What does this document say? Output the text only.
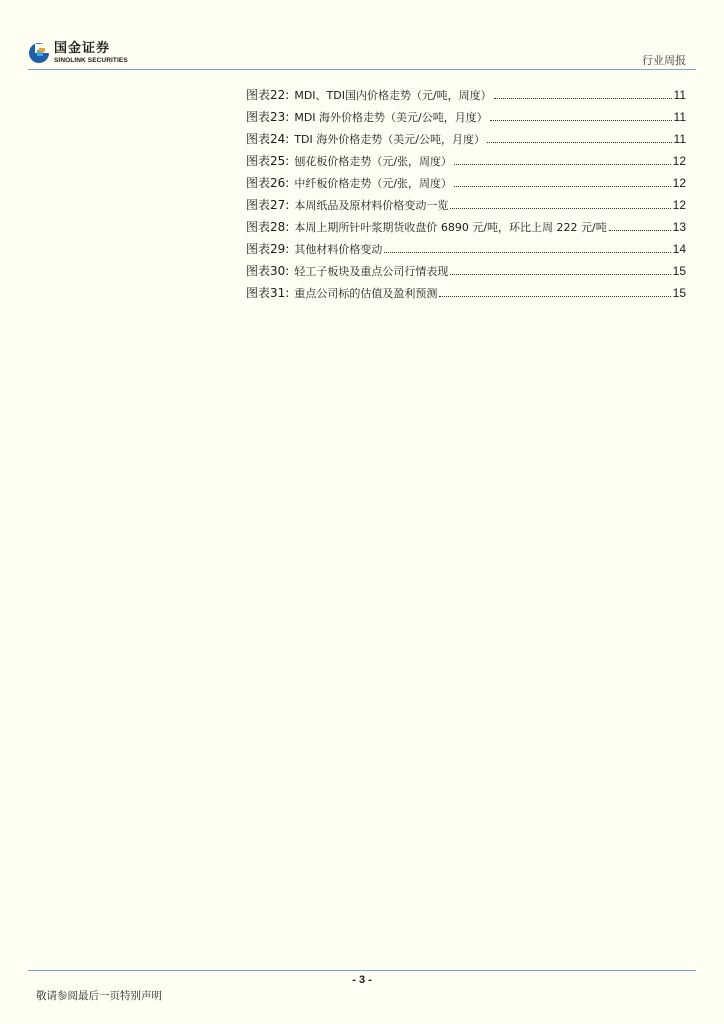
国金证券
SINOLINK SECURITIES	行业周报
图表22: MDI、TDI国内价格走势（元/吨，周度）	11
图表23: MDI 海外价格走势（美元/公吨，月度）	11
图表24: TDI 海外价格走势（美元/公吨，月度）	11
图表25: 刨花板价格走势（元/张，周度）	12
图表26: 中纤板价格走势（元/张，周度）	12
图表27: 本周纸品及原材料价格变动一览	12
图表28: 本周上期所针叶浆期货收盘价 6890 元/吨，环比上周 222 元/吨	13
图表29: 其他材料价格变动	14
图表30: 轻工子板块及重点公司行情表现	15
图表31: 重点公司标的估值及盈利预测	15
- 3 -
敬请参阅最后一页特别声明
